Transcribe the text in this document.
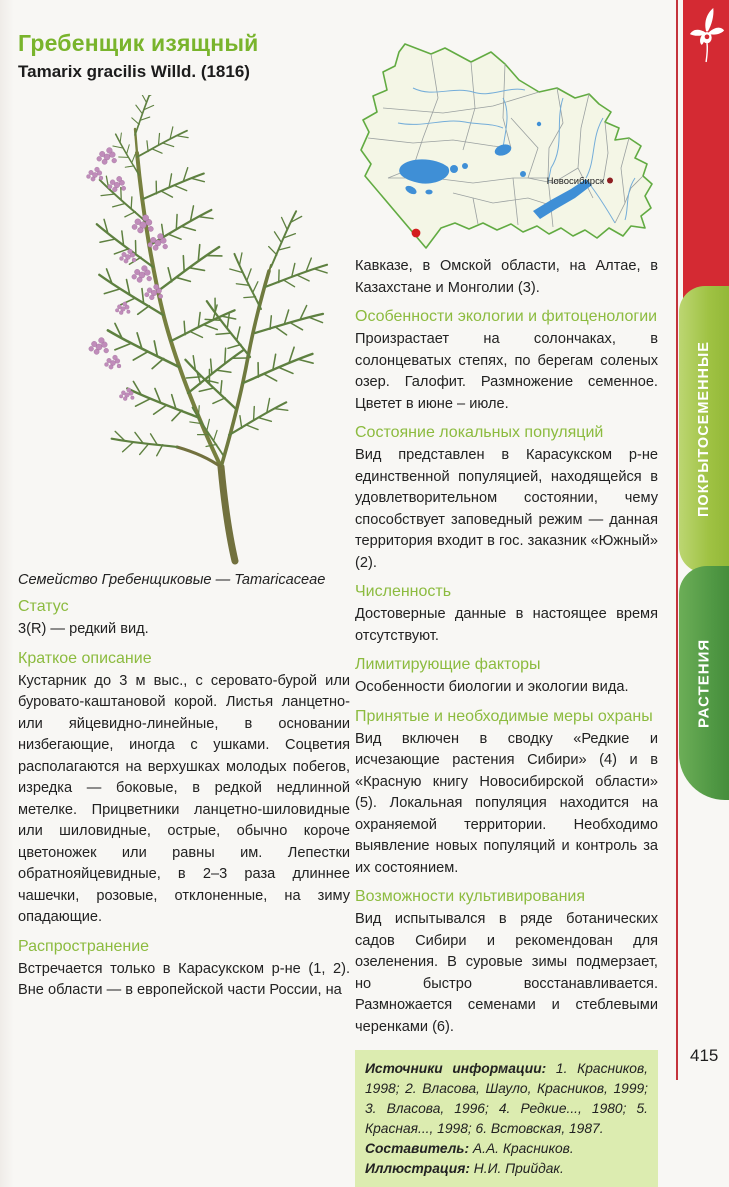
Гребенщик изящный
Tamarix gracilis Willd. (1816)
Новосибирск

Семейство Гребенщиковые — Tamaricaceae

Статус

3(R) — редкий вид.

Краткое описание

Кустарник до 3 м выс., с серовато-бурой или буровато-каштановой корой. Листья ланцетно- или яйцевидно-линейные, в основании низбегающие, иногда с ушками. Соцветия располагаются на верхушках молодых побегов, изредка — боковые, в редкой недлинной метелке. Прицветники ланцетно-шиловидные или шиловидные, острые, обычно короче цветоножек или равны им. Лепестки обратнояйцевидные, в 2–3 раза длиннее чашечки, розовые, отклоненные, на зиму опадающие.

Распространение

Встречается только в Карасукском р-не (1, 2). Вне области — в европейской части России, на

Кавказе, в Омской области, на Алтае, в Казахстане и Монголии (3).

Особенности экологии и фитоценологии

Произрастает на солончаках, в солонцеватых степях, по берегам соленых озер. Галофит. Размножение семенное. Цветет в июне – июле.

Состояние локальных популяций

Вид представлен в Карасукском р-не единственной популяцией, находящейся в удовлетворительном состоянии, чему способствует заповедный режим — данная территория входит в гос. заказник «Южный» (2).

Численность

Достоверные данные в настоящее время отсутствуют.

Лимитирующие факторы

Особенности биологии и экологии вида.

Принятые и необходимые меры охраны

Вид включен в сводку «Редкие и исчезающие растения Сибири» (4) и в «Красную книгу Новосибирской области» (5). Локальная популяция находится на охраняемой территории. Необходимо выявление новых популяций и контроль за их состоянием.

Возможности культивирования

Вид испытывался в ряде ботанических садов Сибири и рекомендован для озеленения. В суровые зимы подмерзает, но быстро восстанавливается. Размножается семенами и стеблевыми черенками (6).

Источники информации: 1. Красников, 1998; 2. Власова, Шауло, Красников, 1999; 3. Власова, 1996; 4. Редкие..., 1980; 5. Красная..., 1998; 6. Встовская, 1987.
Составитель: А.А. Красников.
Иллюстрация: Н.И. Прийдак.
ПОКРЫТОСЕМЕННЫЕ
РАСТЕНИЯ
415
